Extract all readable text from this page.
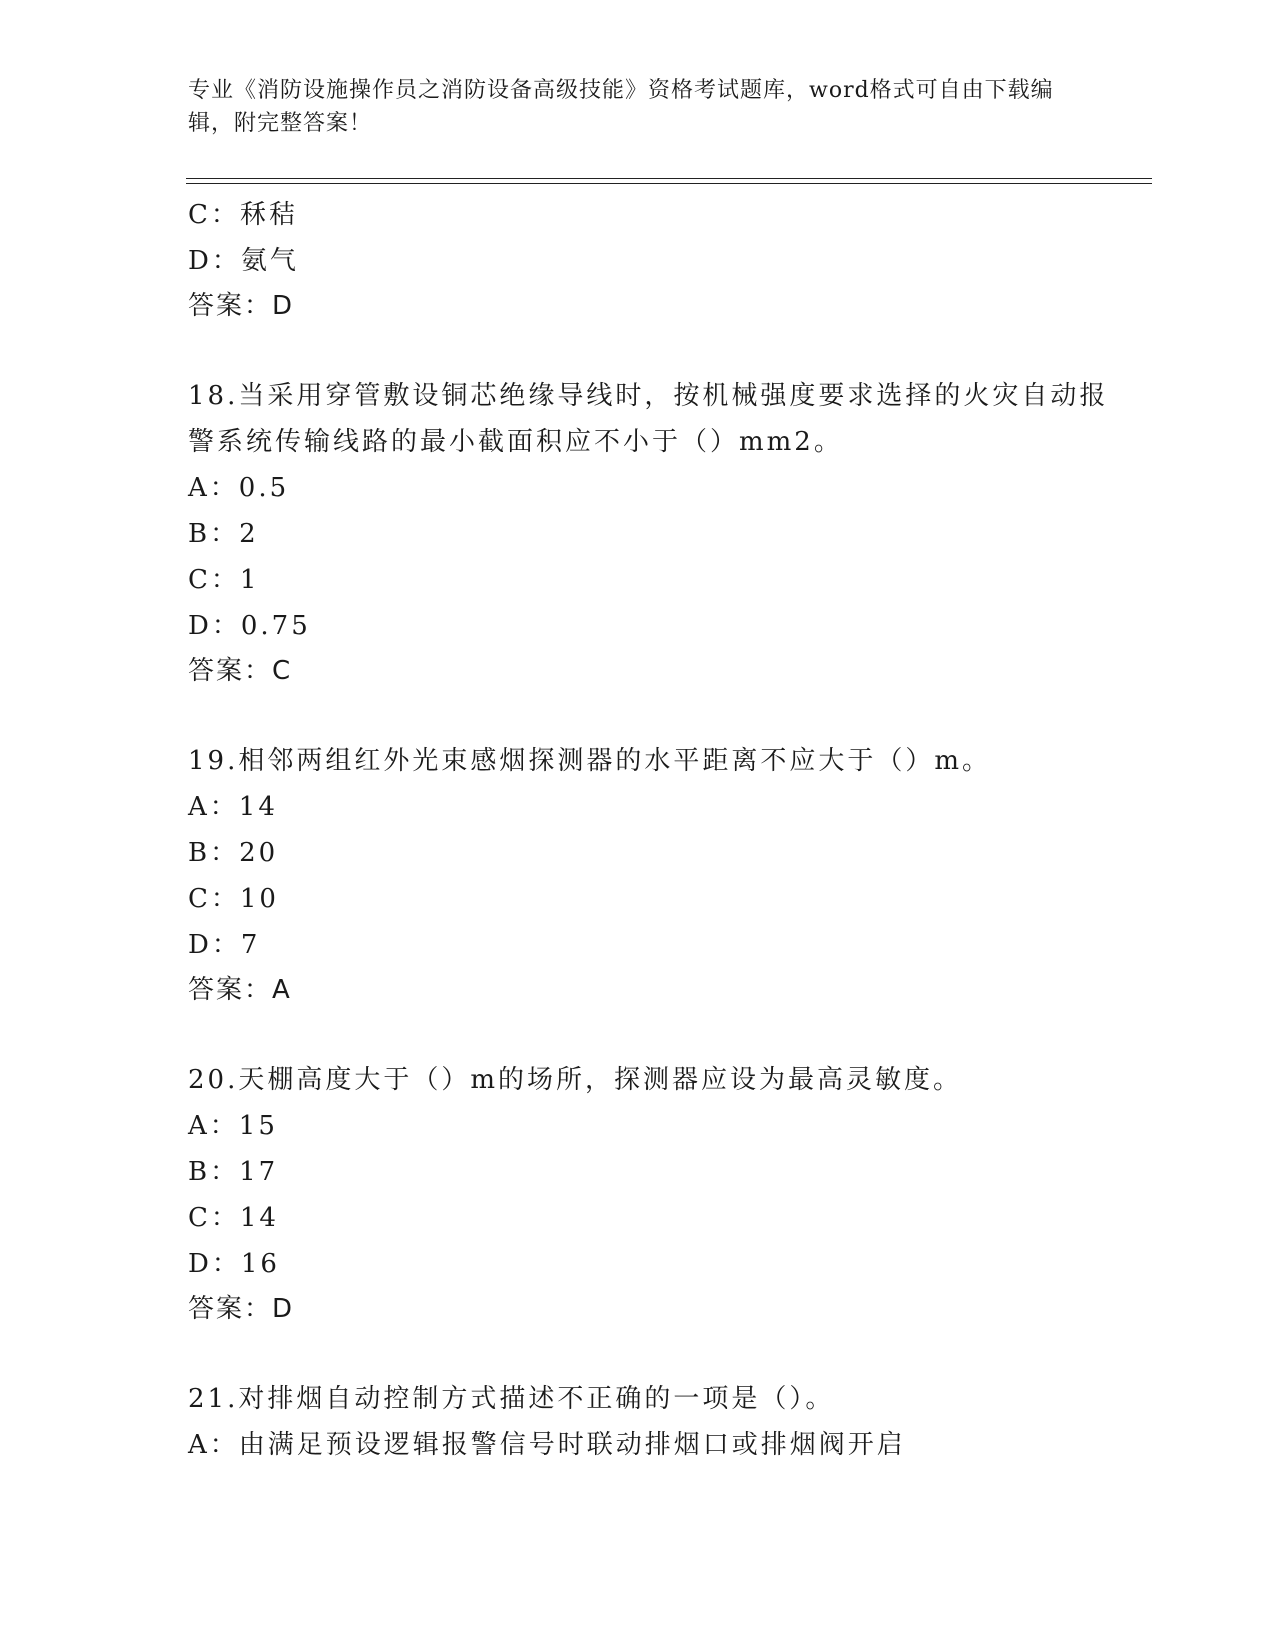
专业《消防设施操作员之消防设备高级技能》资格考试题库，word格式可自由下载编辑，附完整答案！
C：秝秸
D：氨气
答案：D
18.当采用穿管敷设铜芯绝缘导线时，按机械强度要求选择的火灾自动报警系统传输线路的最小截面积应不小于（）mm2。
A：0.5
B：2
C：1
D：0.75
答案：C
19.相邻两组红外光束感烟探测器的水平距离不应大于（）m。
A：14
B：20
C：10
D：7
答案：A
20.天棚高度大于（）m的场所，探测器应设为最高灵敏度。
A：15
B：17
C：14
D：16
答案：D
21.对排烟自动控制方式描述不正确的一项是（）。
A：由满足预设逻辑报警信号时联动排烟口或排烟阀开启
